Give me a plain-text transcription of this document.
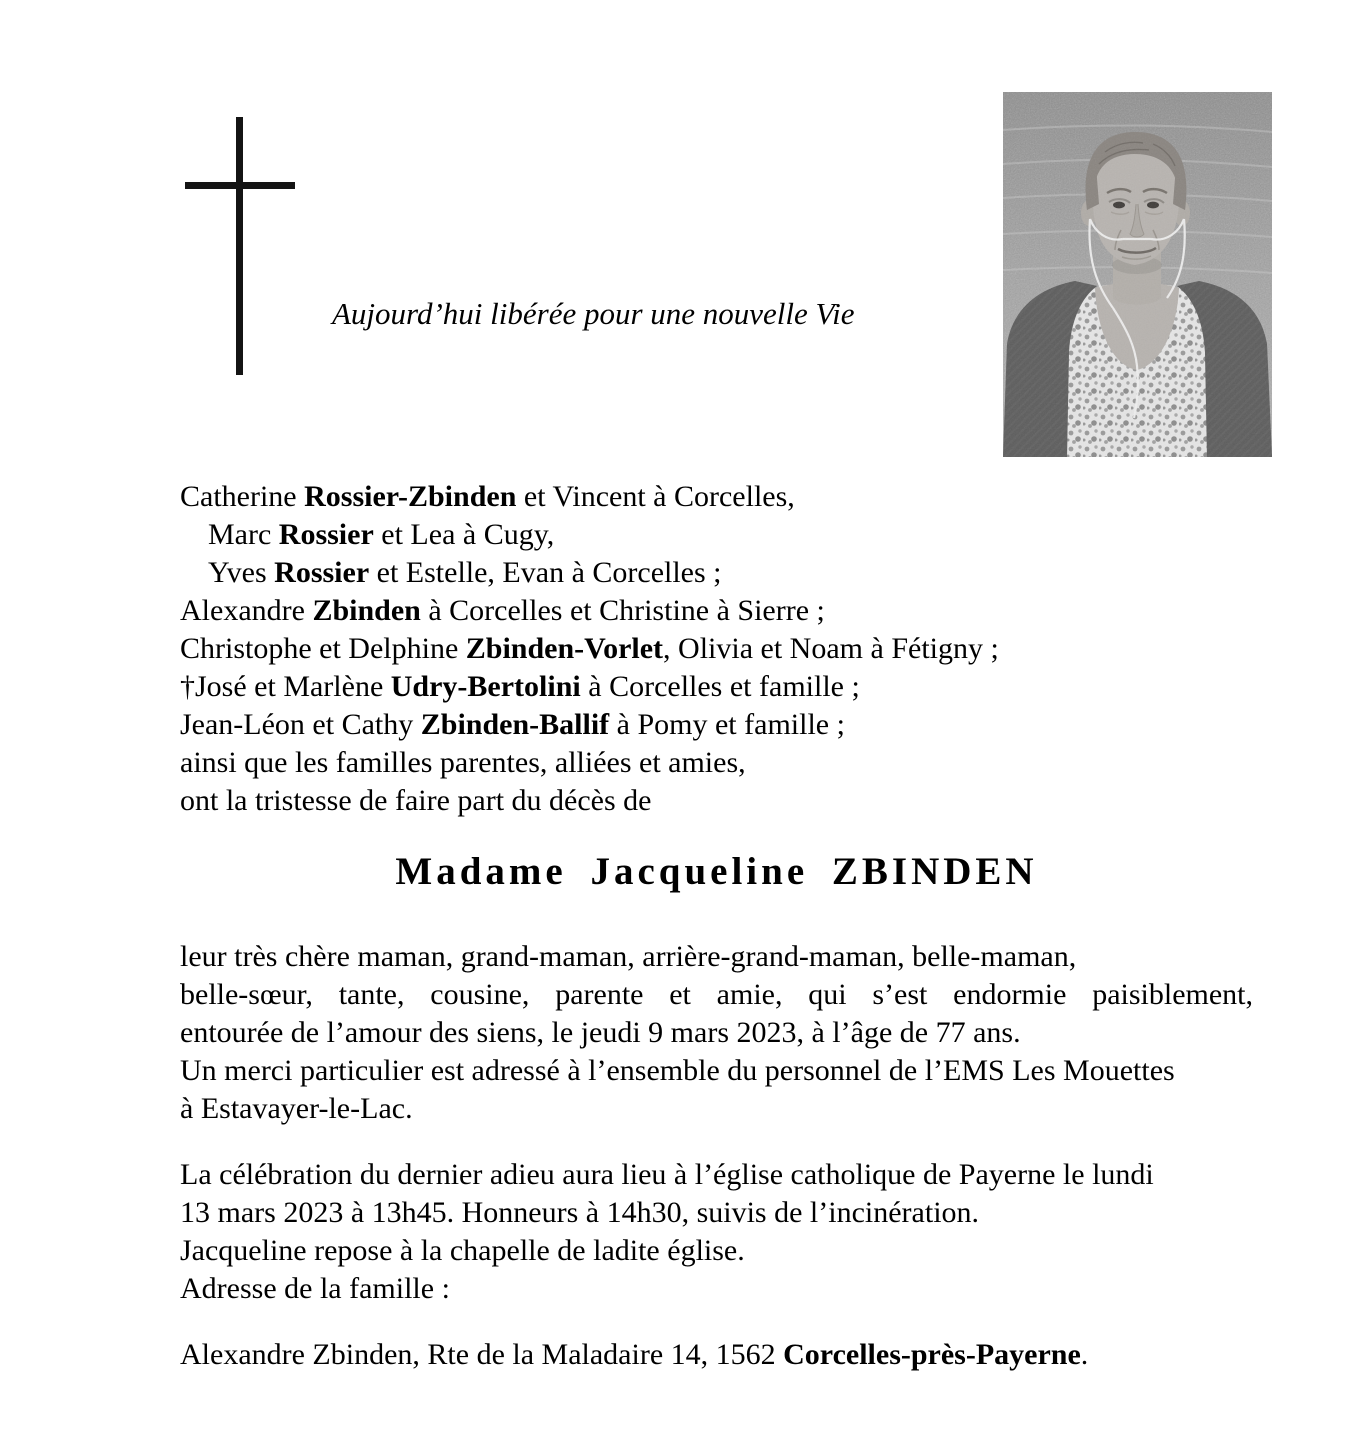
Aujourd’hui libérée pour une nouvelle Vie
Catherine Rossier-Zbinden et Vincent à Corcelles,
Marc Rossier et Lea à Cugy,
Yves Rossier et Estelle, Evan à Corcelles ;
Alexandre Zbinden à Corcelles et Christine à Sierre ;
Christophe et Delphine Zbinden-Vorlet, Olivia et Noam à Fétigny ;
†José et Marlène Udry-Bertolini à Corcelles et famille ;
Jean-Léon et Cathy Zbinden-Ballif à Pomy et famille ;
ainsi que les familles parentes, alliées et amies,
ont la tristesse de faire part du décès de
Madame Jacqueline ZBINDEN
leur très chère maman, grand-maman, arrière-grand-maman, belle-maman,
belle-sœur, tante, cousine, parente et amie, qui s’est endormie paisiblement,
entourée de l’amour des siens, le jeudi 9 mars 2023, à l’âge de 77 ans.
Un merci particulier est adressé à l’ensemble du personnel de l’EMS Les Mouettes
à Estavayer-le-Lac.
La célébration du dernier adieu aura lieu à l’église catholique de Payerne le lundi
13 mars 2023 à 13h45. Honneurs à 14h30, suivis de l’incinération.
Jacqueline repose à la chapelle de ladite église.
Adresse de la famille :
Alexandre Zbinden, Rte de la Maladaire 14, 1562 Corcelles-près-Payerne.
